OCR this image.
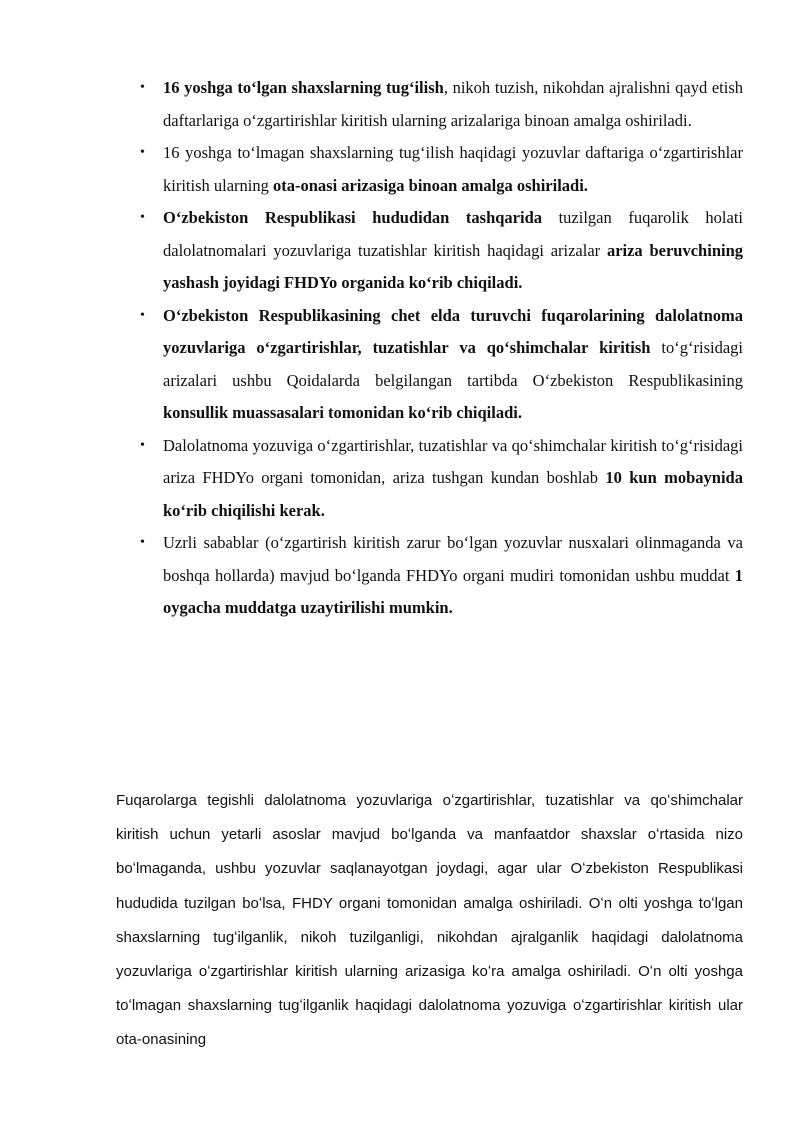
• 16 yoshga to‘lgan shaxslarning tug‘ilish, nikoh tuzish, nikohdan ajralishni qayd etish daftarlariga o‘zgartirishlar kiritish ularning arizalariga binoan amalga oshiriladi.
• 16 yoshga to‘lmagan shaxslarning tug‘ilish haqidagi yozuvlar daftariga o‘zgartirishlar kiritish ularning ota-onasi arizasiga binoan amalga oshiriladi.
• O‘zbekiston Respublikasi hududidan tashqarida tuzilgan fuqarolik holati dalolatnomalari yozuvlariga tuzatishlar kiritish haqidagi arizalar ariza beruvchining yashash joyidagi FHDYo organida ko‘rib chiqiladi.
• O‘zbekiston Respublikasining chet elda turuvchi fuqarolarining dalolatnoma yozuvlariga o‘zgartirishlar, tuzatishlar va qo‘shimchalar kiritish to‘g‘risidagi arizalari ushbu Qoidalarda belgilangan tartibda O‘zbekiston Respublikasining konsullik muassasalari tomonidan ko‘rib chiqiladi.
• Dalolatnoma yozuviga o‘zgartirishlar, tuzatishlar va qo‘shimchalar kiritish to‘g‘risidagi ariza FHDYo organi tomonidan, ariza tushgan kundan boshlab 10 kun mobaynida ko‘rib chiqilishi kerak.
• Uzrli sabablar (o‘zgartirish kiritish zarur bo‘lgan yozuvlar nusxalari olinmaganda va boshqa hollarda) mavjud bo‘lganda FHDYo organi mudiri tomonidan ushbu muddat 1 oygacha muddatga uzaytirilishi mumkin.

Fuqarolarga tegishli dalolatnoma yozuvlariga oʻzgartirishlar, tuzatishlar va qoʻshimchalar kiritish uchun yetarli asoslar mavjud boʻlganda va manfaatdor shaxslar oʻrtasida nizo boʻlmaganda, ushbu yozuvlar saqlanayotgan joydagi, agar ular Oʻzbekiston Respublikasi hududida tuzilgan boʻlsa, FHDY organi tomonidan amalga oshiriladi. Oʻn olti yoshga toʻlgan shaxslarning tugʻilganlik, nikoh tuzilganligi, nikohdan ajralganlik haqidagi dalolatnoma yozuvlariga oʻzgartirishlar kiritish ularning arizasiga koʻra amalga oshiriladi. Oʻn olti yoshga toʻlmagan shaxslarning tugʻilganlik haqidagi dalolatnoma yozuviga oʻzgartirishlar kiritish ular ota-onasining
